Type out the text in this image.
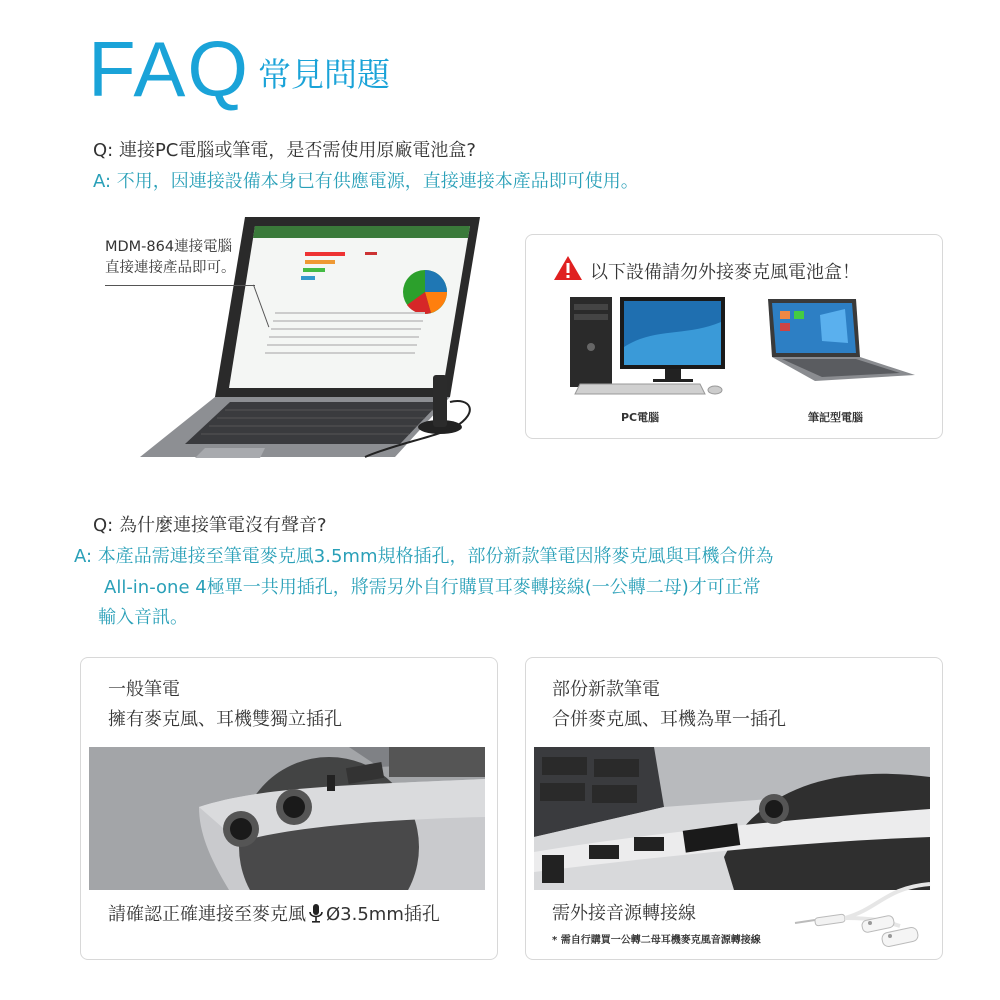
FAQ 常見問題
Q: 連接PC電腦或筆電，是否需使用原廠電池盒?
A: 不用，因連接設備本身已有供應電源，直接連接本產品即可使用。
MDM-864連接電腦
直接連接產品即可。	以下設備請勿外接麥克風電池盒！
PC電腦	筆記型電腦
Q: 為什麼連接筆電沒有聲音?
A: 本產品需連接至筆電麥克風3.5mm規格插孔，部份新款筆電因將麥克風與耳機合併為
All-in-one 4極單一共用插孔，將需另外自行購買耳麥轉接線(一公轉二母)才可正常
輸入音訊。
一般筆電
擁有麥克風、耳機雙獨立插孔
請確認正確連接至麥克風 Ø3.5mm插孔
部份新款筆電
合併麥克風、耳機為單一插孔
需外接音源轉接線
* 需自行購買一公轉二母耳機麥克風音源轉接線
